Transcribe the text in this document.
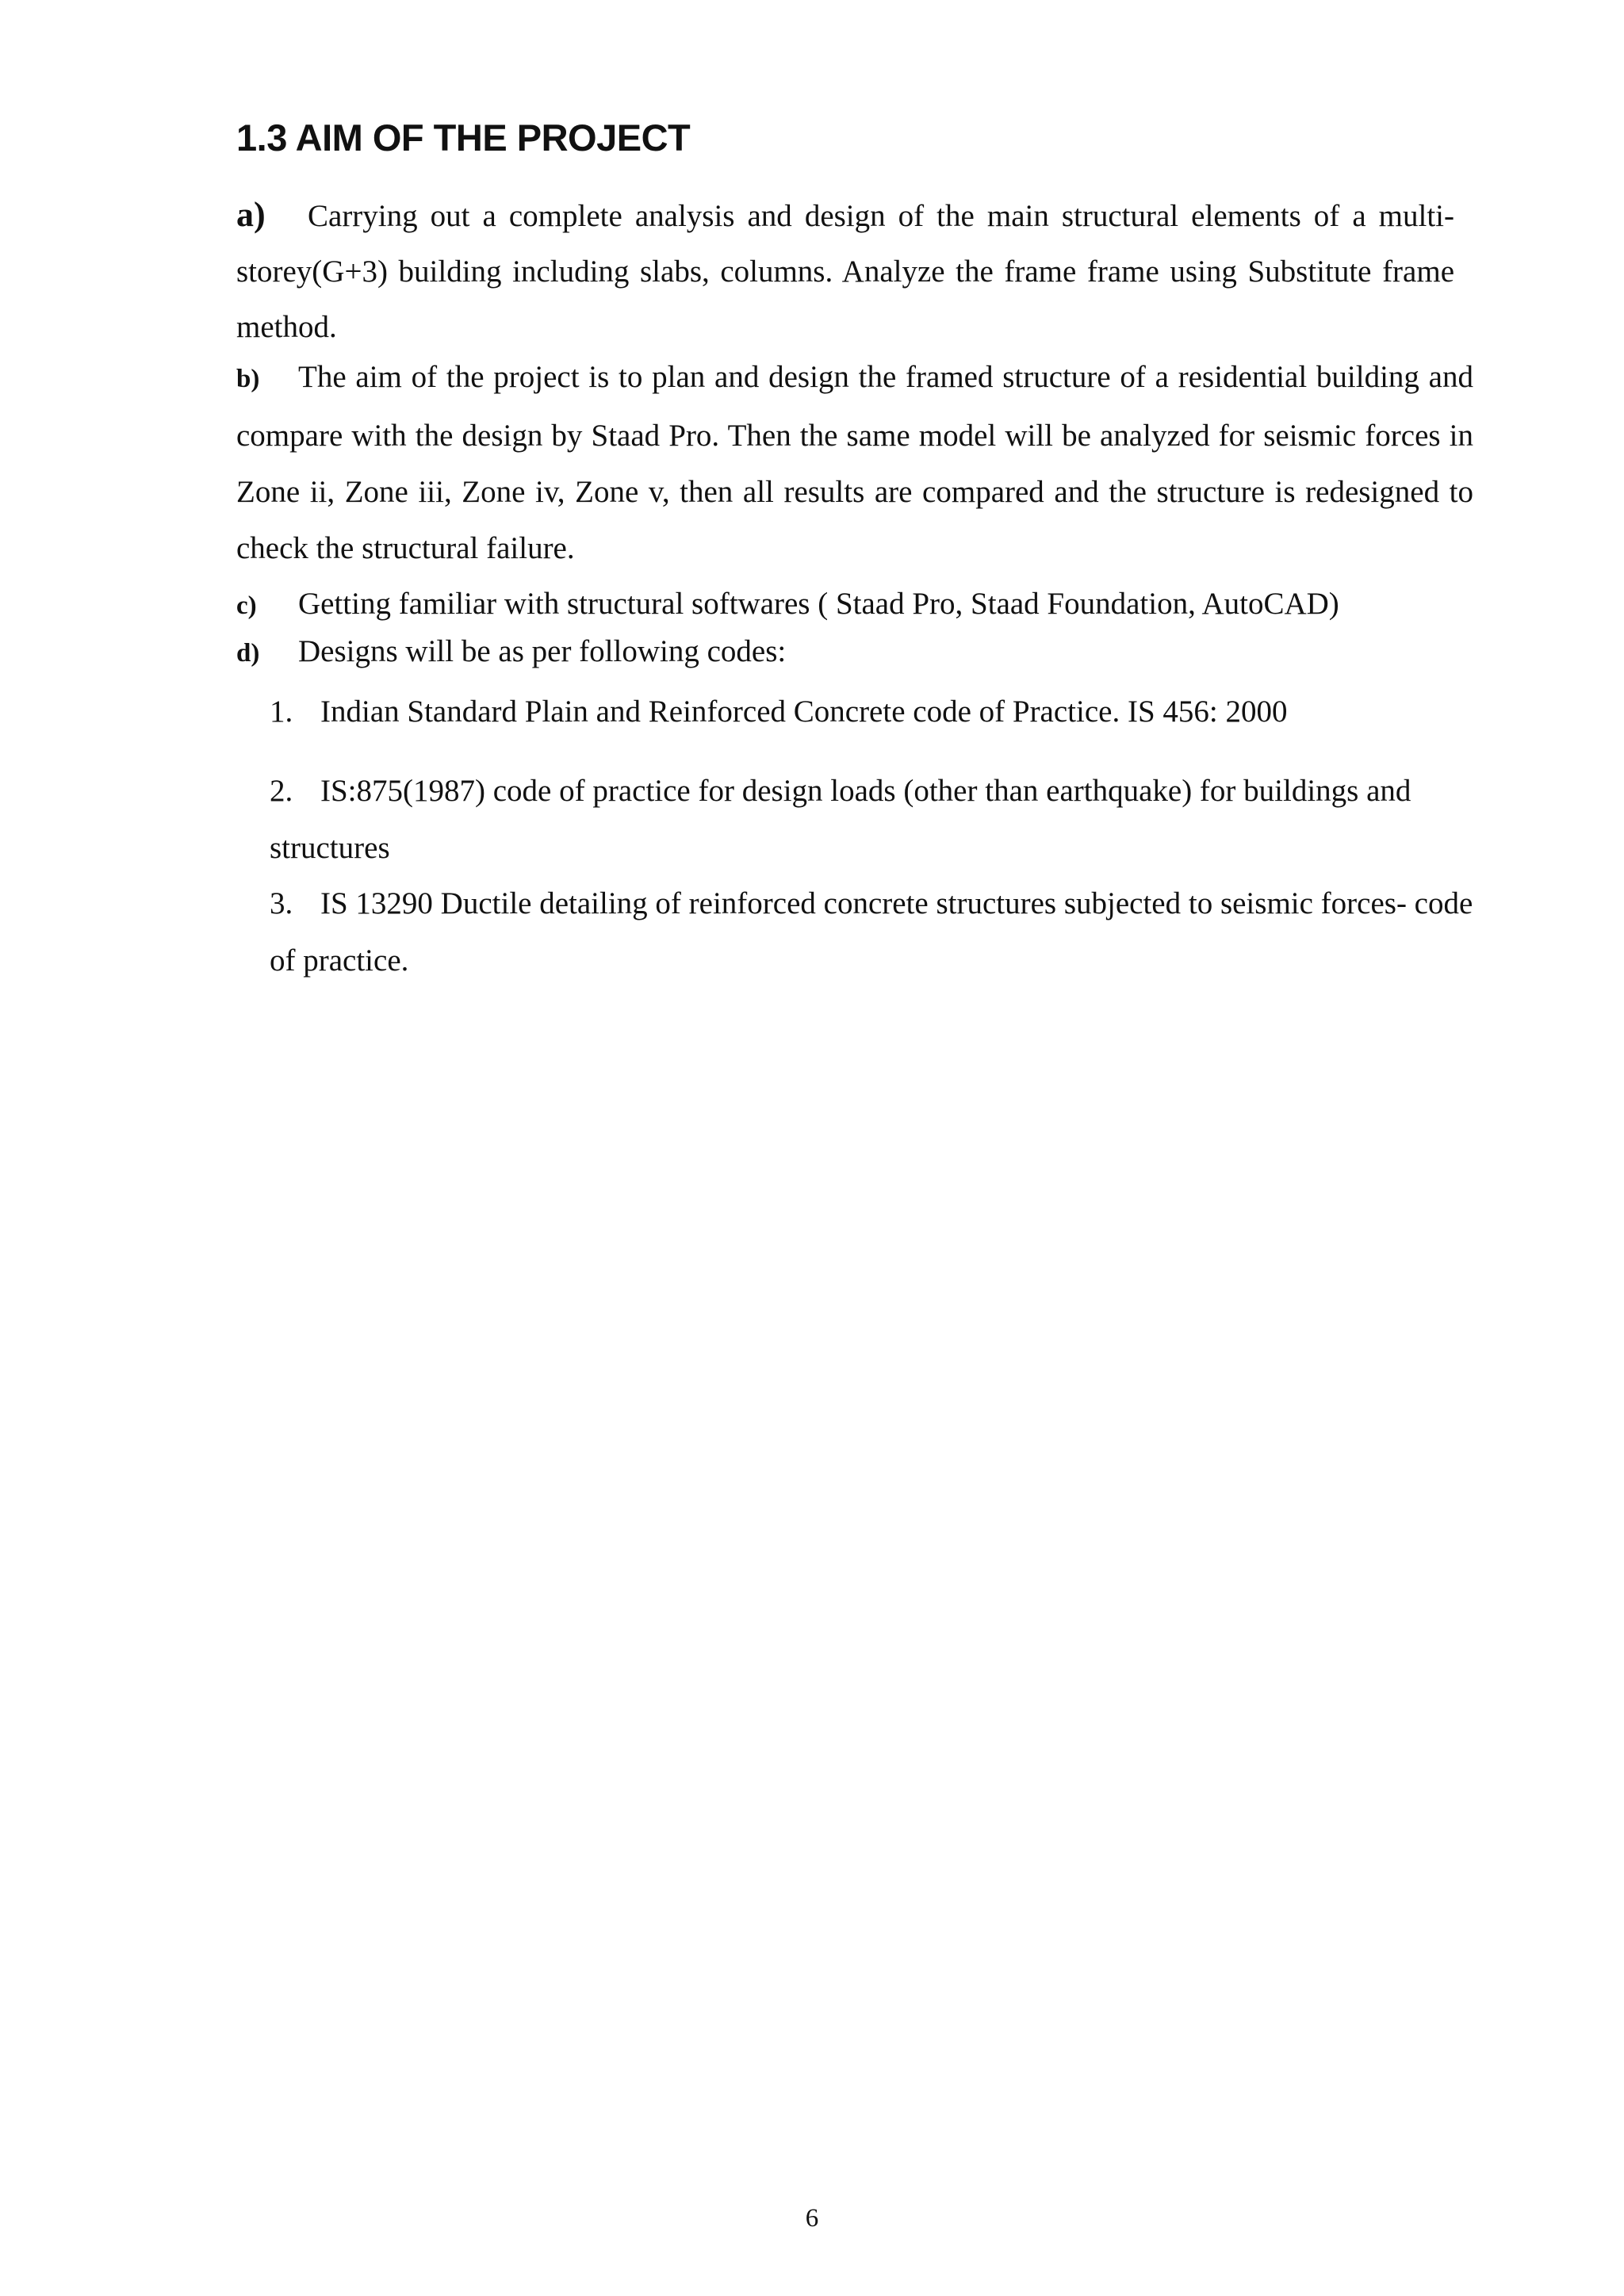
1.3 AIM OF THE PROJECT

a) Carrying out a complete analysis and design of the main structural elements of a multi-storey(G+3) building including slabs, columns. Analyze the frame frame using Substitute frame method.

b) The aim of the project is to plan and design the framed structure of a residential building and compare with the design by Staad Pro. Then the same model will be analyzed for seismic forces in Zone ii, Zone iii, Zone iv, Zone v, then all results are compared and the structure is redesigned to check the structural failure.

c) Getting familiar with structural softwares ( Staad Pro, Staad Foundation, AutoCAD)

d) Designs will be as per following codes:

1. Indian Standard Plain and Reinforced Concrete code of Practice. IS 456: 2000

2. IS:875(1987) code of practice for design loads (other than earthquake) for buildings and structures

3. IS 13290 Ductile detailing of reinforced concrete structures subjected to seismic forces- code of practice.

6
